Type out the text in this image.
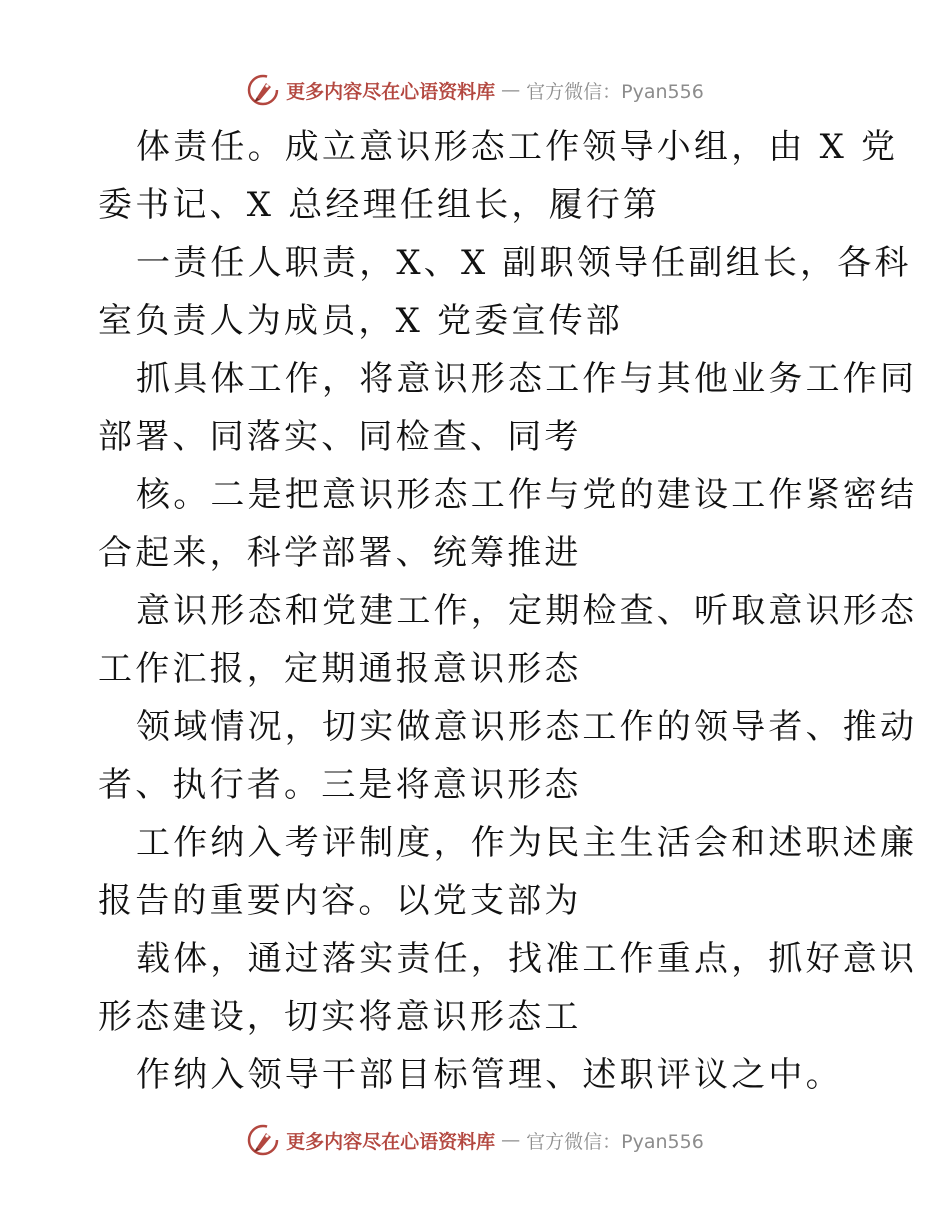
更多内容尽在心语资料库 — 官方微信：Pyan556
体责任。成立意识形态工作领导小组，由 X 党
委书记、X 总经理任组长，履行第
一责任人职责，X、X 副职领导任副组长，各科
室负责人为成员，X 党委宣传部
抓具体工作，将意识形态工作与其他业务工作同
部署、同落实、同检查、同考
核。二是把意识形态工作与党的建设工作紧密结
合起来，科学部署、统筹推进
意识形态和党建工作，定期检查、听取意识形态
工作汇报，定期通报意识形态
领域情况，切实做意识形态工作的领导者、推动
者、执行者。三是将意识形态
工作纳入考评制度，作为民主生活会和述职述廉
报告的重要内容。以党支部为
载体，通过落实责任，找准工作重点，抓好意识
形态建设，切实将意识形态工
作纳入领导干部目标管理、述职评议之中。
更多内容尽在心语资料库 — 官方微信：Pyan556
